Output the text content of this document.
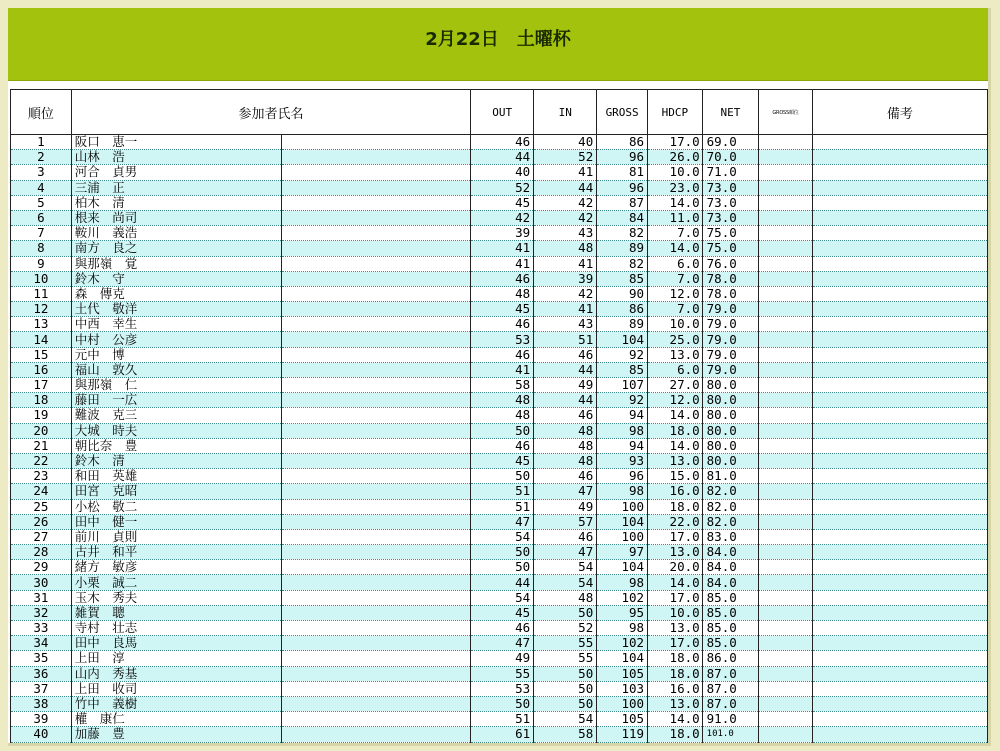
2月22日　土曜杯
順位	参加者氏名		OUT	IN	GROSS	HDCP	NET	GROSS順位	備考
1	阪口　恵一		46	40	86	17.0	69.0		
2	山林　浩		44	52	96	26.0	70.0		
3	河合　貞男		40	41	81	10.0	71.0		
4	三浦　正		52	44	96	23.0	73.0		
5	柏木　清		45	42	87	14.0	73.0		
6	根来　尚司		42	42	84	11.0	73.0		
7	鞍川　義浩		39	43	82	7.0	75.0		
8	南方　良之		41	48	89	14.0	75.0		
9	與那嶺　覚		41	41	82	6.0	76.0		
10	鈴木　守		46	39	85	7.0	78.0		
11	森　傳克		48	42	90	12.0	78.0		
12	土代　敬洋		45	41	86	7.0	79.0		
13	中西　幸生		46	43	89	10.0	79.0		
14	中村　公彦		53	51	104	25.0	79.0		
15	元中　博		46	46	92	13.0	79.0		
16	福山　敦久		41	44	85	6.0	79.0		
17	與那嶺　仁		58	49	107	27.0	80.0		
18	藤田　一広		48	44	92	12.0	80.0		
19	難波　克三		48	46	94	14.0	80.0		
20	大城　時夫		50	48	98	18.0	80.0		
21	朝比奈　豊		46	48	94	14.0	80.0		
22	鈴木　清		45	48	93	13.0	80.0		
23	和田　英雄		50	46	96	15.0	81.0		
24	田宮　克昭		51	47	98	16.0	82.0		
25	小松　敬二		51	49	100	18.0	82.0		
26	田中　健一		47	57	104	22.0	82.0		
27	前川　貞則		54	46	100	17.0	83.0		
28	古井　和平		50	47	97	13.0	84.0		
29	緒方　敏彦		50	54	104	20.0	84.0		
30	小栗　誠二		44	54	98	14.0	84.0		
31	玉木　秀夫		54	48	102	17.0	85.0		
32	雑賀　聰		45	50	95	10.0	85.0		
33	寺村　壮志		46	52	98	13.0	85.0		
34	田中　良馬		47	55	102	17.0	85.0		
35	上田　淳		49	55	104	18.0	86.0		
36	山内　秀基		55	50	105	18.0	87.0		
37	上田　收司		53	50	103	16.0	87.0		
38	竹中　義樹		50	50	100	13.0	87.0		
39	權　康仁		51	54	105	14.0	91.0		
40	加藤　豊		61	58	119	18.0	101.0		
